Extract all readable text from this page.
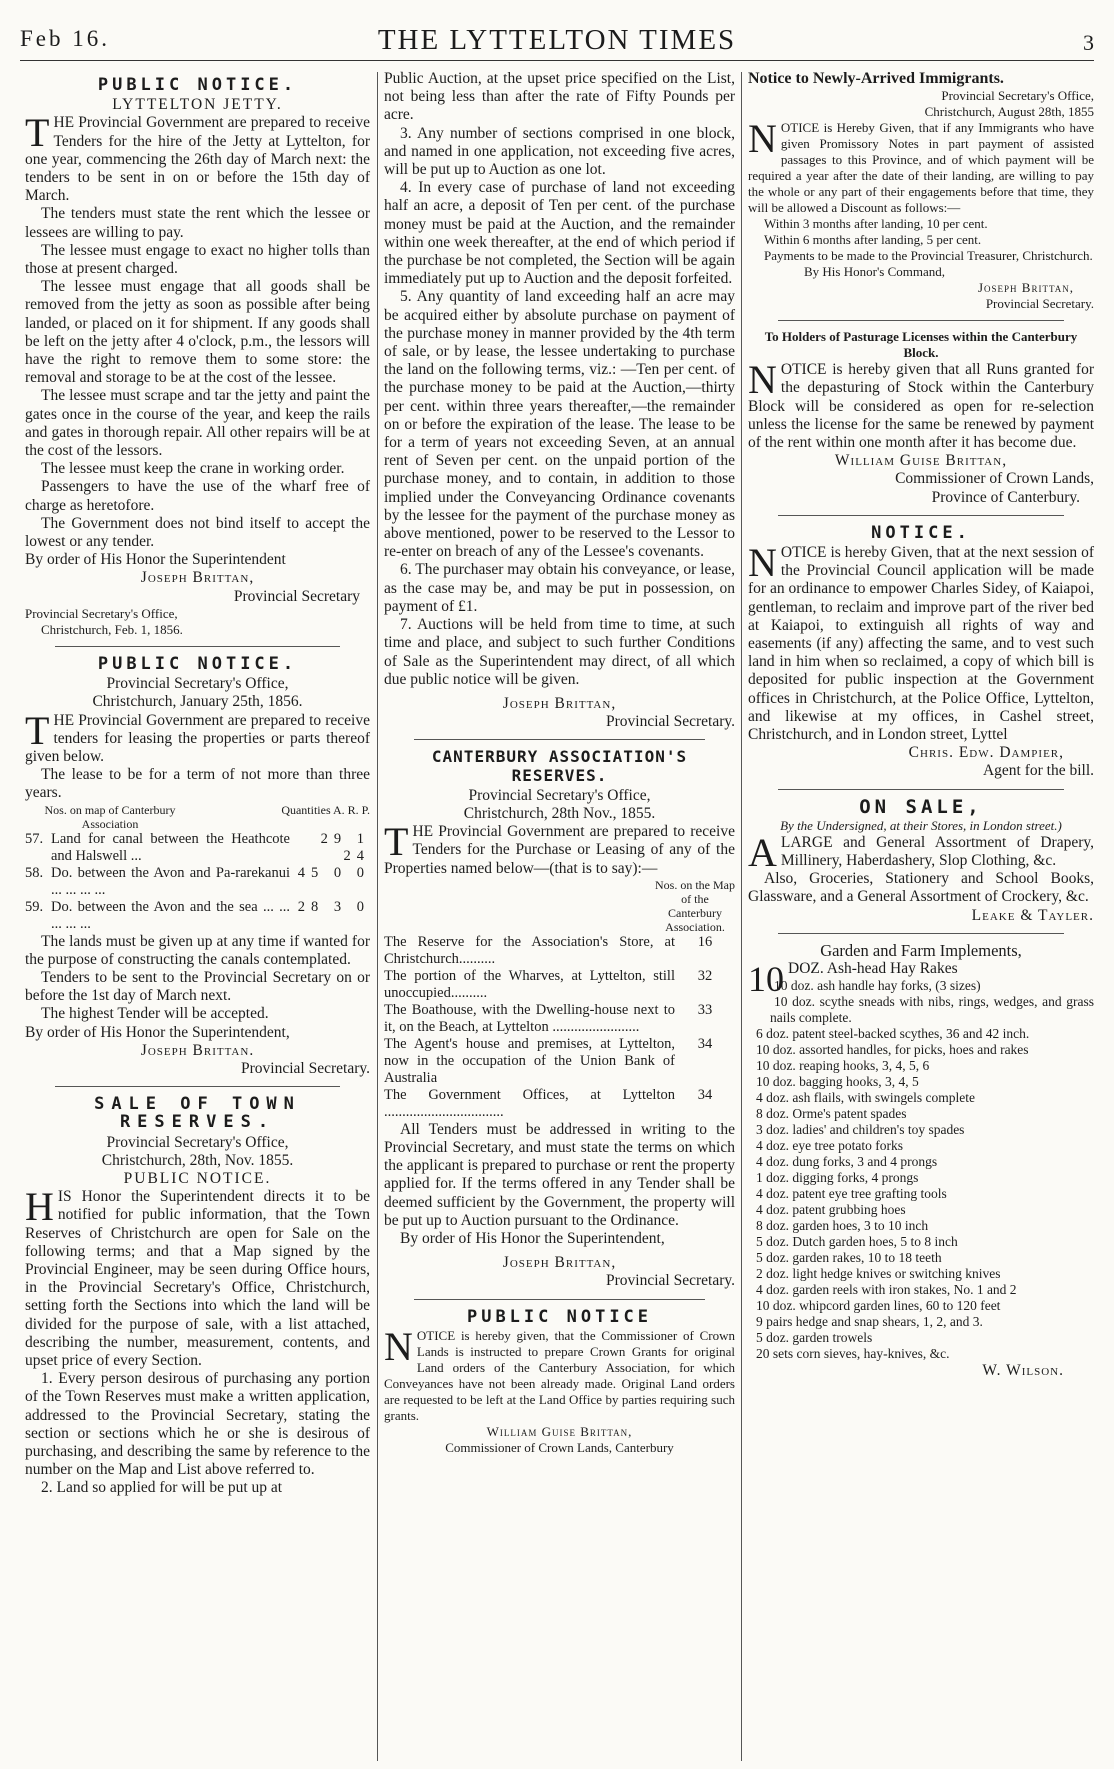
Feb 16.	THE LYTTELTON TIMES	3
PUBLIC NOTICE.
LYTTELTON JETTY.

THE Provincial Government are prepared to receive Tenders for the hire of the Jetty at Lyttelton, for one year, commencing the 26th day of March next: the tenders to be sent in on or before the 15th day of March.

The tenders must state the rent which the lessee or lessees are willing to pay.

The lessee must engage to exact no higher tolls than those at present charged.

The lessee must engage that all goods shall be removed from the jetty as soon as possible after being landed, or placed on it for shipment. If any goods shall be left on the jetty after 4 o'clock, p.m., the lessors will have the right to remove them to some store: the removal and storage to be at the cost of the lessee.

The lessee must scrape and tar the jetty and paint the gates once in the course of the year, and keep the rails and gates in thorough repair. All other repairs will be at the cost of the lessors.

The lessee must keep the crane in working order.

Passengers to have the use of the wharf free of charge as heretofore.

The Government does not bind itself to accept the lowest or any tender.

By order of His Honor the Superintendent

Joseph Brittan,

Provincial Secretary

Provincial Secretary's Office,

Christchurch, Feb. 1, 1856.

PUBLIC NOTICE.

Provincial Secretary's Office,

Christchurch, January 25th, 1856.

THE Provincial Government are prepared to receive tenders for leasing the properties or parts thereof given below.

The lease to be for a term of not more than three years.

Nos. on map of Canterbury Association
Quantities A. R. P.
57. Land for canal between the Heathcote and Halswell ...
29 1 24
58. Do. between the Avon and Pa-rarekanui ... ... ... ...
45 0 0
59. Do. between the Avon and the sea ... ... ... ... ...
28 3 0

The lands must be given up at any time if wanted for the purpose of constructing the canals contemplated.

Tenders to be sent to the Provincial Secretary on or before the 1st day of March next.

The highest Tender will be accepted.

By order of His Honor the Superintendent,

Joseph Brittan.

Provincial Secretary.

SALE OF TOWN RESERVES.

Provincial Secretary's Office,

Christchurch, 28th, Nov. 1855.

PUBLIC NOTICE.

HIS Honor the Superintendent directs it to be notified for public information, that the Town Reserves of Christchurch are open for Sale on the following terms; and that a Map signed by the Provincial Engineer, may be seen during Office hours, in the Provincial Secretary's Office, Christchurch, setting forth the Sections into which the land will be divided for the purpose of sale, with a list attached, describing the number, measurement, contents, and upset price of every Section.

1. Every person desirous of purchasing any portion of the Town Reserves must make a written application, addressed to the Provincial Secretary, stating the section or sections which he or she is desirous of purchasing, and describing the same by reference to the number on the Map and List above referred to.

2. Land so applied for will be put up at

Public Auction, at the upset price specified on the List, not being less than after the rate of Fifty Pounds per acre.

3. Any number of sections comprised in one block, and named in one application, not exceeding five acres, will be put up to Auction as one lot.

4. In every case of purchase of land not exceeding half an acre, a deposit of Ten per cent. of the purchase money must be paid at the Auction, and the remainder within one week thereafter, at the end of which period if the purchase be not completed, the Section will be again immediately put up to Auction and the deposit forfeited.

5. Any quantity of land exceeding half an acre may be acquired either by absolute purchase on payment of the purchase money in manner provided by the 4th term of sale, or by lease, the lessee undertaking to purchase the land on the following terms, viz.: —Ten per cent. of the purchase money to be paid at the Auction,—thirty per cent. within three years thereafter,—the remainder on or before the expiration of the lease. The lease to be for a term of years not exceeding Seven, at an annual rent of Seven per cent. on the unpaid portion of the purchase money, and to contain, in addition to those implied under the Conveyancing Ordinance covenants by the lessee for the payment of the purchase money as above mentioned, power to be reserved to the Lessor to re-enter on breach of any of the Lessee's covenants.

6. The purchaser may obtain his conveyance, or lease, as the case may be, and may be put in possession, on payment of £1.

7. Auctions will be held from time to time, at such time and place, and subject to such further Conditions of Sale as the Superintendent may direct, of all which due public notice will be given.

Joseph Brittan,

Provincial Secretary.

CANTERBURY ASSOCIATION'S RESERVES.

Provincial Secretary's Office,

Christchurch, 28th Nov., 1855.

THE Provincial Government are prepared to receive Tenders for the Purchase or Leasing of any of the Properties named below—(that is to say):—

Nos. on the Map of the Canterbury Association.
The Reserve for the Association's Store, at Christchurch..........
16
The portion of the Wharves, at Lyttelton, still unoccupied..........
32
The Boathouse, with the Dwelling-house next to it, on the Beach, at Lyttelton ........................
33
The Agent's house and premises, at Lyttelton, now in the occupation of the Union Bank of Australia
34
The Government Offices, at Lyttelton .................................
34

All Tenders must be addressed in writing to the Provincial Secretary, and must state the terms on which the applicant is prepared to purchase or rent the property applied for. If the terms offered in any Tender shall be deemed sufficient by the Government, the property will be put up to Auction pursuant to the Ordinance.

By order of His Honor the Superintendent,

Joseph Brittan,

Provincial Secretary.

PUBLIC NOTICE

NOTICE is hereby given, that the Commissioner of Crown Lands is instructed to prepare Crown Grants for original Land orders of the Canterbury Association, for which Conveyances have not been already made. Original Land orders are requested to be left at the Land Office by parties requiring such grants.

William Guise Brittan,

Commissioner of Crown Lands, Canterbury

Notice to Newly-Arrived Immigrants.

Provincial Secretary's Office,

Christchurch, August 28th, 1855

NOTICE is Hereby Given, that if any Immigrants who have given Promissory Notes in part payment of assisted passages to this Province, and of which payment will be required a year after the date of their landing, are willing to pay the whole or any part of their engagements before that time, they will be allowed a Discount as follows:—

Within 3 months after landing, 10 per cent.

Within 6 months after landing, 5 per cent.

Payments to be made to the Provincial Treasurer, Christchurch.

By His Honor's Command,

Joseph Brittan,

Provincial Secretary.

To Holders of Pasturage Licenses within the Canterbury Block.

NOTICE is hereby given that all Runs granted for the depasturing of Stock within the Canterbury Block will be considered as open for re-selection unless the license for the same be renewed by payment of the rent within one month after it has become due.

William Guise Brittan,

Commissioner of Crown Lands,

Province of Canterbury.

NOTICE.

NOTICE is hereby Given, that at the next session of the Provincial Council application will be made for an ordinance to empower Charles Sidey, of Kaiapoi, gentleman, to reclaim and improve part of the river bed at Kaiapoi, to extinguish all rights of way and easements (if any) affecting the same, and to vest such land in him when so reclaimed, a copy of which bill is deposited for public inspection at the Government offices in Christchurch, at the Police Office, Lyttelton, and likewise at my offices, in Cashel street, Christchurch, and in London street, Lyttel

Chris. Edw. Dampier,

Agent for the bill.

ON SALE,

By the Undersigned, at their Stores, in London street.)

ALARGE and General Assortment of Drapery, Millinery, Haberdashery, Slop Clothing, &c.

Also, Groceries, Stationery and School Books, Glassware, and a General Assortment of Crockery, &c.

Leake & Tayler.

Garden and Farm Implements,

10 DOZ. Ash-head Hay Rakes

10 doz. ash handle hay forks, (3 sizes)
10 doz. scythe sneads with nibs, rings, wedges, and grass nails complete.
6 doz. patent steel-backed scythes, 36 and 42 inch.
10 doz. assorted handles, for picks, hoes and rakes
10 doz. reaping hooks, 3, 4, 5, 6
10 doz. bagging hooks, 3, 4, 5
4 doz. ash flails, with swingels complete
8 doz. Orme's patent spades
3 doz. ladies' and children's toy spades
4 doz. eye tree potato forks
4 doz. dung forks, 3 and 4 prongs
1 doz. digging forks, 4 prongs
4 doz. patent eye tree grafting tools
4 doz. patent grubbing hoes
8 doz. garden hoes, 3 to 10 inch
5 doz. Dutch garden hoes, 5 to 8 inch
5 doz. garden rakes, 10 to 18 teeth
2 doz. light hedge knives or switching knives
4 doz. garden reels with iron stakes, No. 1 and 2
10 doz. whipcord garden lines, 60 to 120 feet
9 pairs hedge and snap shears, 1, 2, and 3.
5 doz. garden trowels
20 sets corn sieves, hay-knives, &c.

W. Wilson.
